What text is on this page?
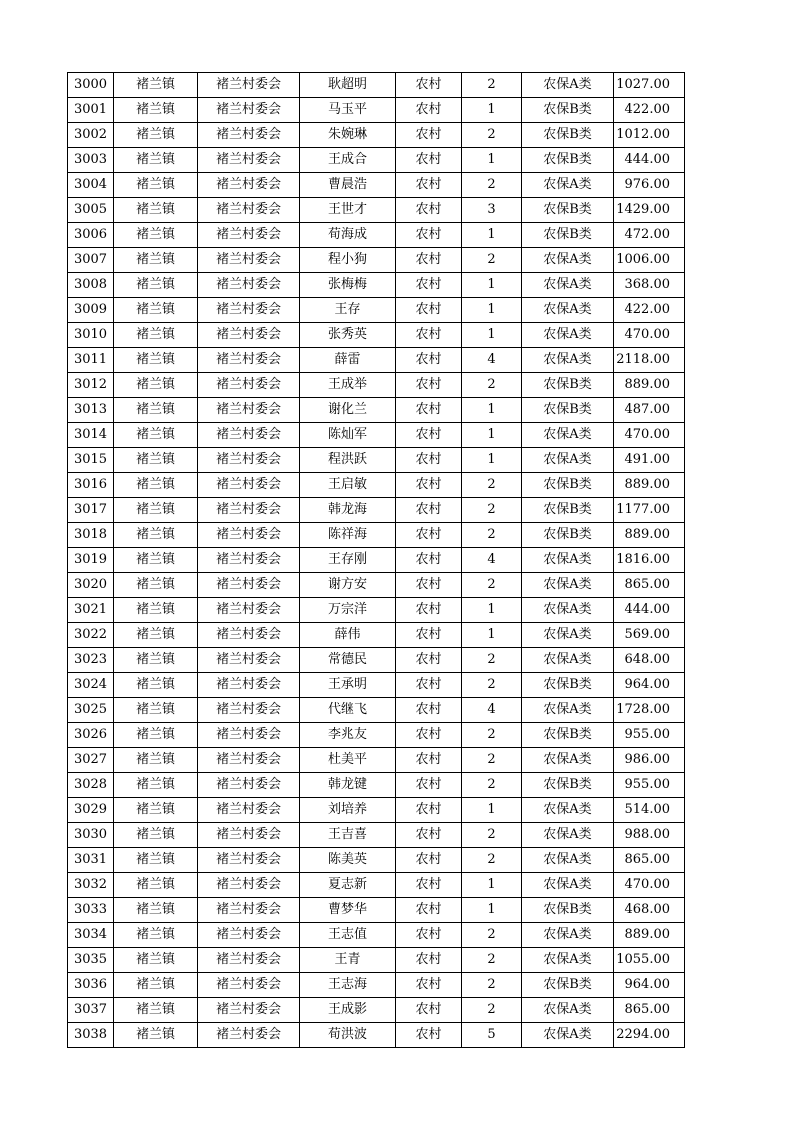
3000	褚兰镇	褚兰村委会	耿超明	农村	2	农保A类	1027.00
3001	褚兰镇	褚兰村委会	马玉平	农村	1	农保B类	422.00
3002	褚兰镇	褚兰村委会	朱婉琳	农村	2	农保B类	1012.00
3003	褚兰镇	褚兰村委会	王成合	农村	1	农保B类	444.00
3004	褚兰镇	褚兰村委会	曹晨浩	农村	2	农保A类	976.00
3005	褚兰镇	褚兰村委会	王世才	农村	3	农保B类	1429.00
3006	褚兰镇	褚兰村委会	荀海成	农村	1	农保B类	472.00
3007	褚兰镇	褚兰村委会	程小狗	农村	2	农保A类	1006.00
3008	褚兰镇	褚兰村委会	张梅梅	农村	1	农保A类	368.00
3009	褚兰镇	褚兰村委会	王存	农村	1	农保A类	422.00
3010	褚兰镇	褚兰村委会	张秀英	农村	1	农保A类	470.00
3011	褚兰镇	褚兰村委会	薛雷	农村	4	农保A类	2118.00
3012	褚兰镇	褚兰村委会	王成举	农村	2	农保B类	889.00
3013	褚兰镇	褚兰村委会	谢化兰	农村	1	农保B类	487.00
3014	褚兰镇	褚兰村委会	陈灿军	农村	1	农保A类	470.00
3015	褚兰镇	褚兰村委会	程洪跃	农村	1	农保A类	491.00
3016	褚兰镇	褚兰村委会	王启敏	农村	2	农保B类	889.00
3017	褚兰镇	褚兰村委会	韩龙海	农村	2	农保B类	1177.00
3018	褚兰镇	褚兰村委会	陈祥海	农村	2	农保B类	889.00
3019	褚兰镇	褚兰村委会	王存刚	农村	4	农保A类	1816.00
3020	褚兰镇	褚兰村委会	谢方安	农村	2	农保A类	865.00
3021	褚兰镇	褚兰村委会	万宗洋	农村	1	农保A类	444.00
3022	褚兰镇	褚兰村委会	薛伟	农村	1	农保A类	569.00
3023	褚兰镇	褚兰村委会	常德民	农村	2	农保A类	648.00
3024	褚兰镇	褚兰村委会	王承明	农村	2	农保B类	964.00
3025	褚兰镇	褚兰村委会	代继飞	农村	4	农保A类	1728.00
3026	褚兰镇	褚兰村委会	李兆友	农村	2	农保B类	955.00
3027	褚兰镇	褚兰村委会	杜美平	农村	2	农保A类	986.00
3028	褚兰镇	褚兰村委会	韩龙键	农村	2	农保B类	955.00
3029	褚兰镇	褚兰村委会	刘培养	农村	1	农保A类	514.00
3030	褚兰镇	褚兰村委会	王吉喜	农村	2	农保A类	988.00
3031	褚兰镇	褚兰村委会	陈美英	农村	2	农保A类	865.00
3032	褚兰镇	褚兰村委会	夏志新	农村	1	农保A类	470.00
3033	褚兰镇	褚兰村委会	曹梦华	农村	1	农保B类	468.00
3034	褚兰镇	褚兰村委会	王志值	农村	2	农保A类	889.00
3035	褚兰镇	褚兰村委会	王青	农村	2	农保A类	1055.00
3036	褚兰镇	褚兰村委会	王志海	农村	2	农保B类	964.00
3037	褚兰镇	褚兰村委会	王成影	农村	2	农保A类	865.00
3038	褚兰镇	褚兰村委会	荀洪波	农村	5	农保A类	2294.00
